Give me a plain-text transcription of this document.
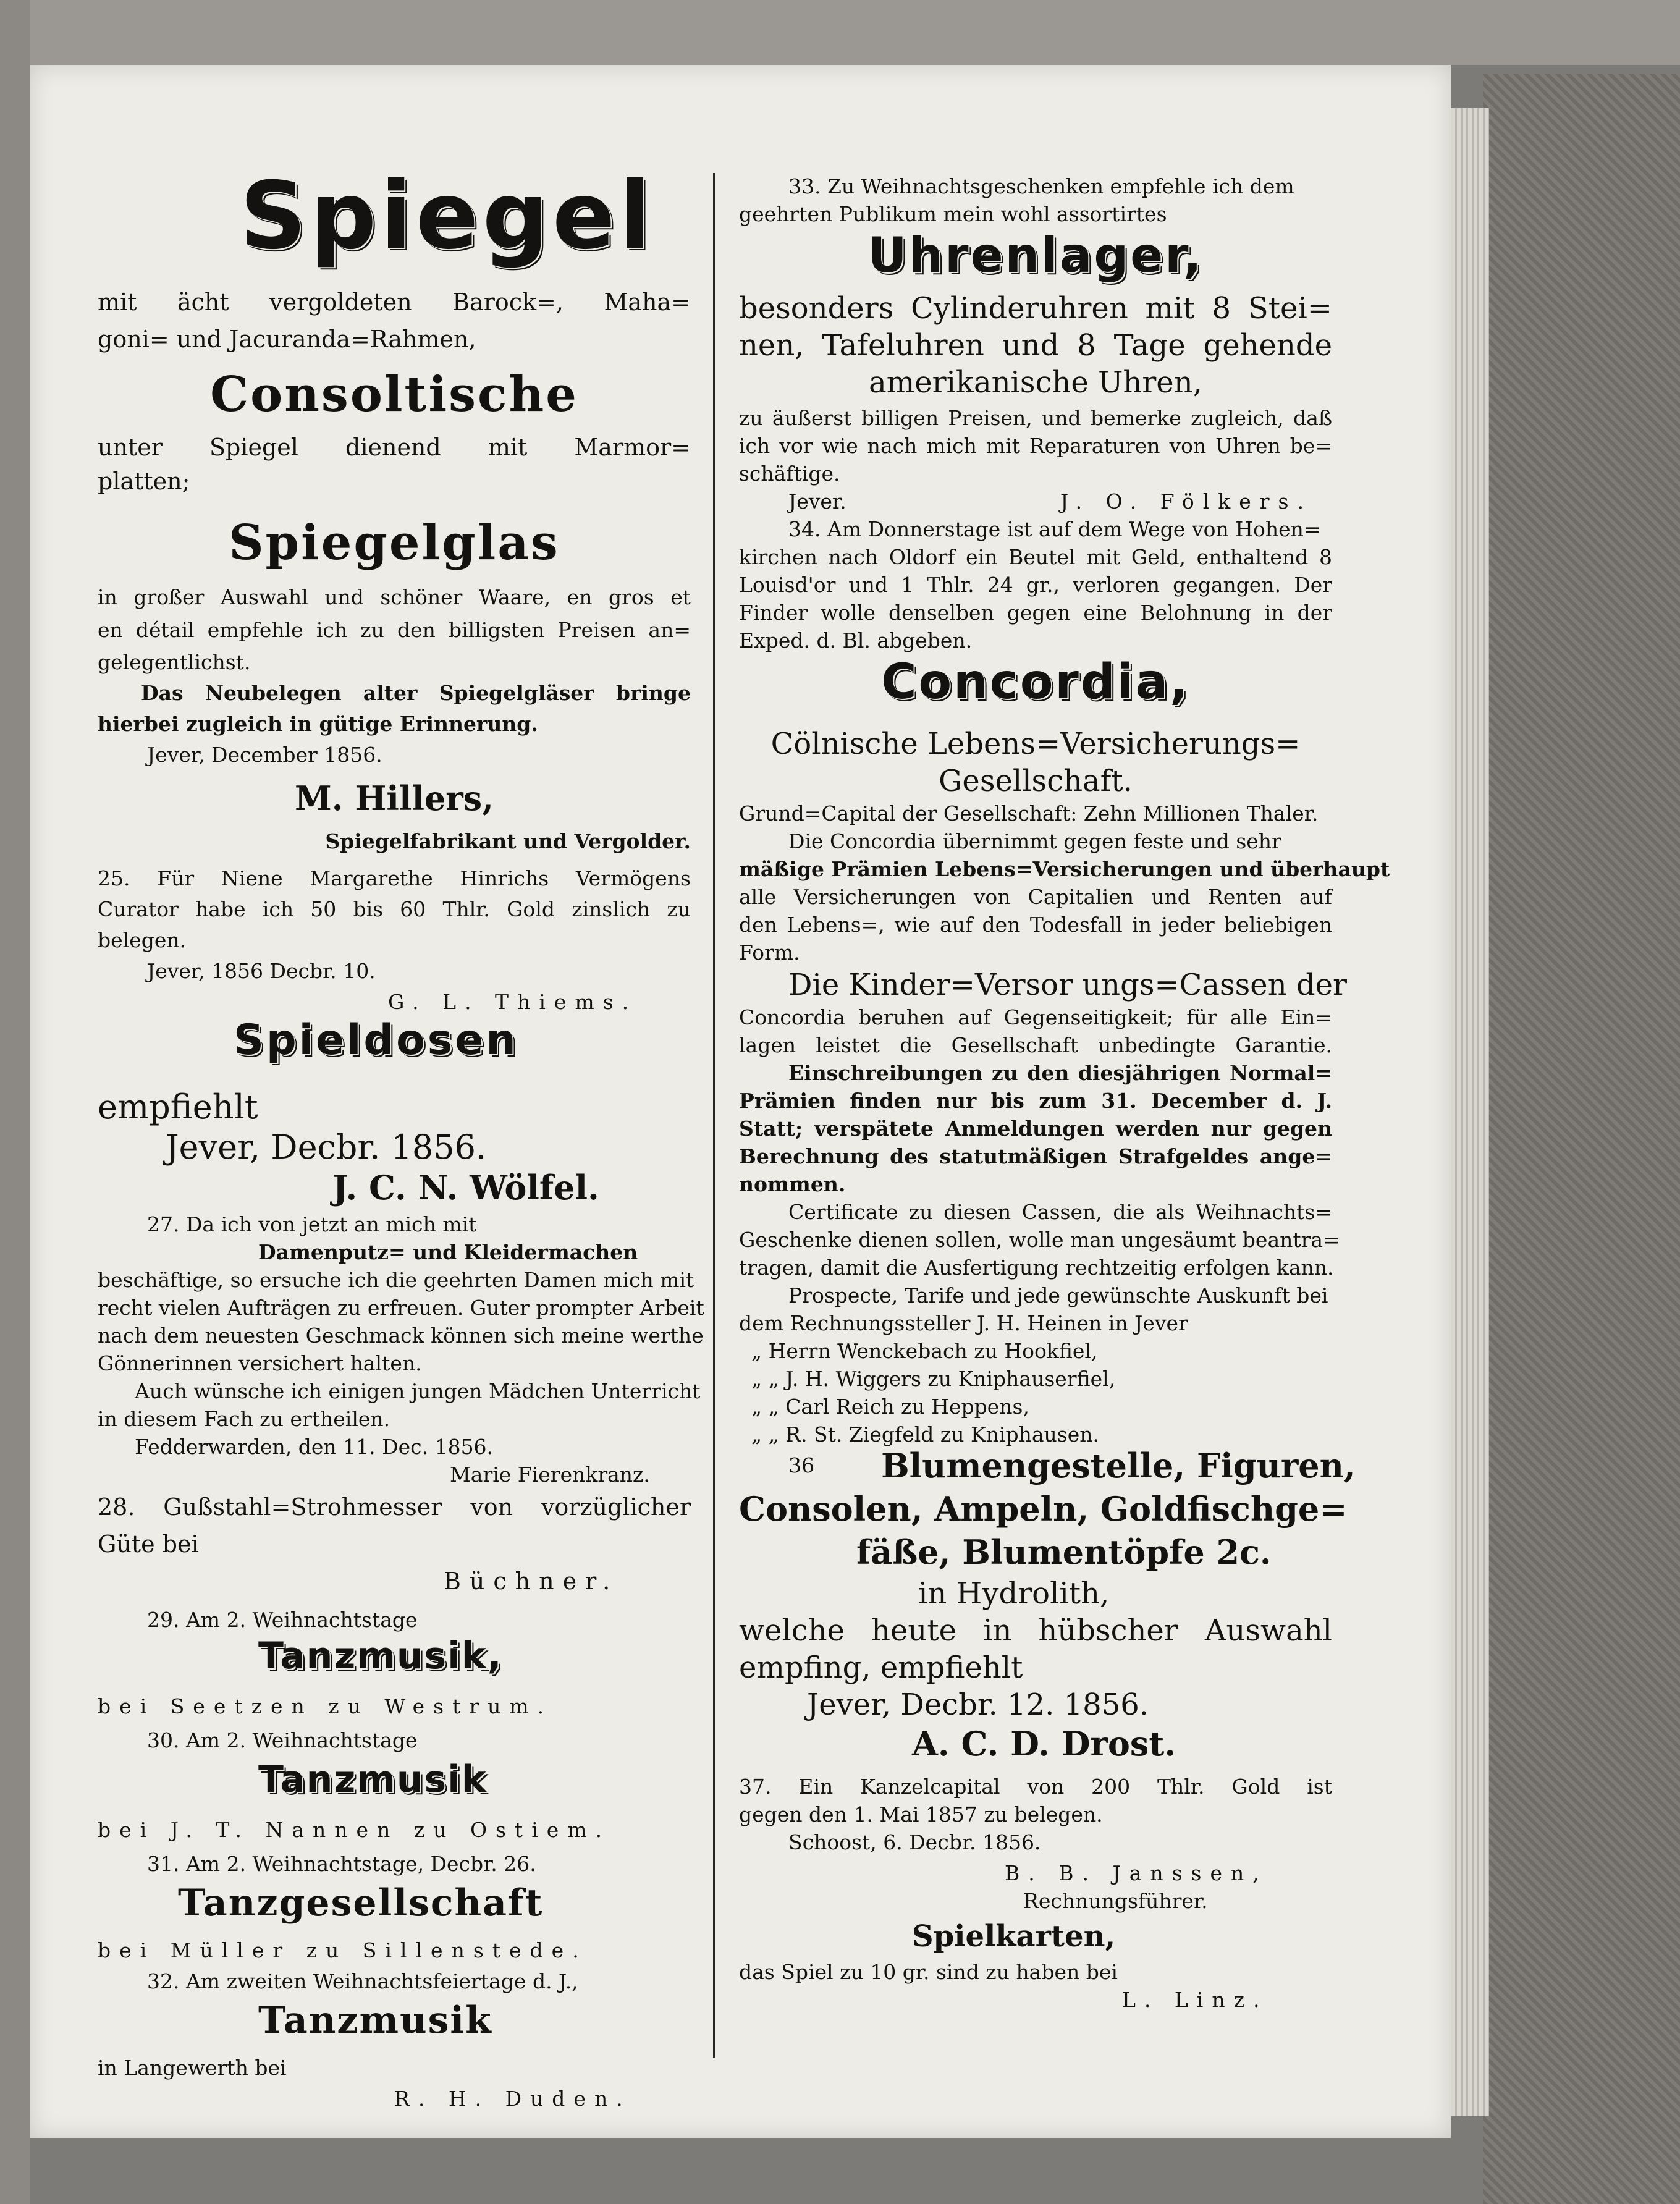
Spiegel
mit ächt vergoldeten Barock=, Maha=
goni= und Jacuranda=Rahmen,
Consoltische
unter Spiegel dienend mit Marmor=
platten;
Spiegelglas
in großer Auswahl und schöner Waare, en gros et
en détail empfehle ich zu den billigsten Preisen an=
gelegentlichst.
Das Neubelegen alter Spiegelgläser bringe
hierbei zugleich in gütige Erinnerung.
Jever, December 1856.
M. Hillers,
Spiegelfabrikant und Vergolder.
25. Für Niene Margarethe Hinrichs Vermögens
Curator habe ich 50 bis 60 Thlr. Gold zinslich zu
belegen.
Jever, 1856 Decbr. 10.
G. L. Thiems.
Spieldosen
empfiehlt
Jever, Decbr. 1856.
J. C. N. Wölfel.
27. Da ich von jetzt an mich mit
Damenputz= und Kleidermachen
beschäftige, so ersuche ich die geehrten Damen mich mit
recht vielen Aufträgen zu erfreuen. Guter prompter Arbeit
nach dem neuesten Geschmack können sich meine werthe
Gönnerinnen versichert halten.
Auch wünsche ich einigen jungen Mädchen Unterricht
in diesem Fach zu ertheilen.
Fedderwarden, den 11. Dec. 1856.
Marie Fierenkranz.
28. Gußstahl=Strohmesser von vorzüglicher
Güte bei
Büchner.
29. Am 2. Weihnachtstage
Tanzmusik,
bei Seetzen zu Westrum.
30. Am 2. Weihnachtstage
Tanzmusik
bei J. T. Nannen zu Ostiem.
31. Am 2. Weihnachtstage, Decbr. 26.
Tanzgesellschaft
bei Müller zu Sillenstede.
32. Am zweiten Weihnachtsfeiertage d. J.,
Tanzmusik
in Langewerth bei
R. H. Duden.
33. Zu Weihnachtsgeschenken empfehle ich dem
geehrten Publikum mein wohl assortirtes
Uhrenlager,
besonders Cylinderuhren mit 8 Stei=
nen, Tafeluhren und 8 Tage gehende
amerikanische Uhren,
zu äußerst billigen Preisen, und bemerke zugleich, daß
ich vor wie nach mich mit Reparaturen von Uhren be=
schäftige.
Jever.	J. O. Fölkers.
34. Am Donnerstage ist auf dem Wege von Hohen=
kirchen nach Oldorf ein Beutel mit Geld, enthaltend 8
Louisd'or und 1 Thlr. 24 gr., verloren gegangen. Der
Finder wolle denselben gegen eine Belohnung in der
Exped. d. Bl. abgeben.
Concordia,
Cölnische Lebens=Versicherungs=
Gesellschaft.
Grund=Capital der Gesellschaft: Zehn Millionen Thaler.
Die Concordia übernimmt gegen feste und sehr
mäßige Prämien Lebens=Versicherungen und überhaupt
alle Versicherungen von Capitalien und Renten auf
den Lebens=, wie auf den Todesfall in jeder beliebigen
Form.
Die Kinder=Versor ungs=Cassen der
Concordia beruhen auf Gegenseitigkeit; für alle Ein=
lagen leistet die Gesellschaft unbedingte Garantie.
Einschreibungen zu den diesjährigen Normal=
Prämien finden nur bis zum 31. December d. J.
Statt; verspätete Anmeldungen werden nur gegen
Berechnung des statutmäßigen Strafgeldes ange=
nommen.
Certificate zu diesen Cassen, die als Weihnachts=
Geschenke dienen sollen, wolle man ungesäumt beantra=
tragen, damit die Ausfertigung rechtzeitig erfolgen kann.
Prospecte, Tarife und jede gewünschte Auskunft bei
dem Rechnungssteller J. H. Heinen in Jever
„ Herrn Wenckebach zu Hookfiel,
„ „ J. H. Wiggers zu Kniphauserfiel,
„ „ Carl Reich zu Heppens,
„ „ R. St. Ziegfeld zu Kniphausen.
36 Blumengestelle, Figuren,
Consolen, Ampeln, Goldfischge=
fäße, Blumentöpfe 2c.
in Hydrolith,
welche heute in hübscher Auswahl
empfing, empfiehlt
Jever, Decbr. 12. 1856.
A. C. D. Drost.
37. Ein Kanzelcapital von 200 Thlr. Gold ist
gegen den 1. Mai 1857 zu belegen.
Schoost, 6. Decbr. 1856.
B. B. Janssen,
Rechnungsführer.
Spielkarten,
das Spiel zu 10 gr. sind zu haben bei
L. Linz.
